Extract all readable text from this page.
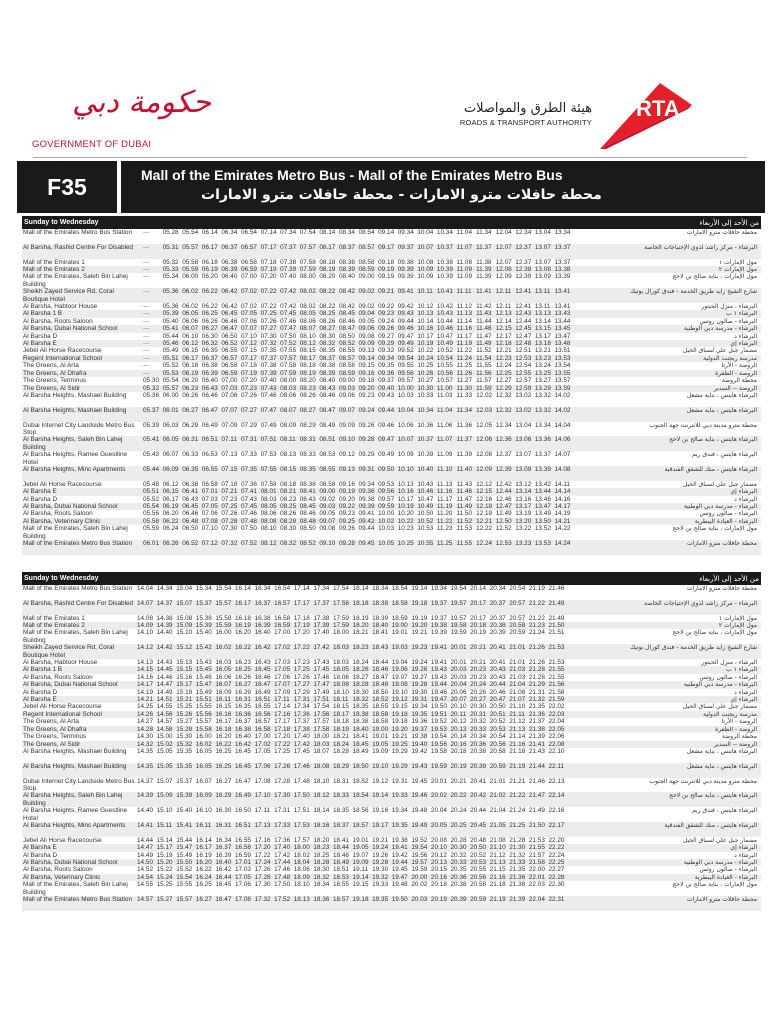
حكومة دبي
GOVERNMENT OF DUBAI
هيئة الطرق والمواصلات
ROADS & TRANSPORT AUTHORITY
RTA
F35	Mall of the Emirates Metro Bus - Mall of the Emirates Metro Bus
محطة حافلات مترو الامارات - محطة حافلات مترو الامارات
Sunday to Wednesday	من الأحد إلى الأربعاء
Mall of the Emirates Metro Bus Station	—	05.28 05.54 06.14 06.34 06.54 07.14 07.34 07.54 08.14 08.34 08.54 09.14 09.34 10.04 10.34 11.04 11.34 12.04 12.34 13.04 13.34	محطة حافلات مترو الامارات
Al Barsha, Rashid Centre For Disabled	—	05.31 05.57 06.17 06.37 06.57 07.17 07.37 07.57 08.17 08.37 08.57 09.17 09.37 10.07 10.37 11.07 11.37 12.07 12.37 13.07 13.37	البرشاء - مركز راشد لذوي الإحتياجات الخاصة
Mall of the Emirates 1	—	05.32 05.58 06.18 06.38 06.58 07.18 07.38 07.58 08.18 08.38 08.58 09.18 09.38 10.08 10.38 11.08 11.38 12.07 12.37 13.07 13.37	مول الإمارات ١
Mall of the Emirates 2	—	05.33 05.59 06.19 06.39 06.59 07.19 07.39 07.59 08.19 08.39 08.59 09.19 09.39 10.09 10.39 11.09 11.39 12.08 12.38 13.08 13.38	مول الإمارات ٢
Mall of the Emirates, Saleh Bin Lahej Building
—	05.34 06.00 06.20 06.40 07.00 07.20 07.40 08.00 08.20 08.40 09.00 09.19 09.39 10.09 10.39 11.09 11.39 12.09 12.39 13.09 13.39	مول الإمارات ، بناية صالح بن لاحج
Sheikh Zayed Service Rd, Coral Boutique Hotel
—	05.36 06.02 06.22 06.42 07.02 07.22 07.42 08.02 08.22 08.42 09.02 09.21 09.41 10.11 10.41 11.11 11.41 12.11 12.41 13.11 13.41	شارع الشيخ زايد طريق الخدمة - فندق كورال بوتيك
Al Barsha, Habtoor House	—	05.36 06.02 06.22 06.42 07.02 07.22 07.42 08.02 08.22 08.42 09.02 09.22 09.42 10.12 10.42 11.12 11.42 12.11 12.41 13.11 13.41	البرشاء ، منزل الحبتور
Al Barsha 1 B	—	05.39 06.05 06.25 06.45 07.05 07.25 07.45 08.05 08.25 08.45 09.04 09.23 09.43 10.13 10.43 11.13 11.43 12.13 12.43 13.13 13.43	البرشاء ١ ب
Al Barsha, Roots Saloon	—	05.40 06.06 06.26 06.46 07.06 07.26 07.46 08.06 08.26 08.46 09.05 09.24 09.44 10.14 10.44 11.14 11.44 12.14 12.44 13.14 13.44	البرشاء - صالون روتس
Al Barsha, Dubai National School	—	05.41 06.07 06.27 06.47 07.07 07.27 07.47 08.07 08.27 08.47 09.06 09.26 09.46 10.16 10.46 11.16 11.46 12.15 12.45 13.15 13.45	البرشاء - مدرسة دبي الوطنية
Al Barsha D	—	05.44 06.10 06.30 06.50 07.10 07.30 07.50 08.10 08.30 08.50 09.08 09.27 09.47 10.17 10.47 11.17 11.47 12.17 12.47 13.17 13.47	البرشاء د
Al Barsha E	—	05.46 06.12 06.32 06.52 07.12 07.32 07.52 08.12 08.32 08.52 09.09 09.29 09.49 10.19 10.49 11.19 11.49 12.18 12.48 13.18 13.48	البرشاء إي
Jebel Ali Horse Racecourse	—	05.49 06.15 06.35 06.55 07.15 07.35 07.55 08.15 08.35 08.55 09.13 09.32 09.52 10.22 10.52 11.22 11.52 12.21 12.51 13.21 13.51	مضمار جبل علي لسباق الخيل
Regent International School	—	05.51 06.17 06.37 06.57 07.17 07.37 07.57 08.17 08.37 08.57 09.14 09.34 09.54 10.24 10.54 11.24 11.54 12.23 12.53 13.23 13.53	مدرسة ريجنت الدولية
The Greens, Al Arta	—	05.52 06.18 06.38 06.58 07.18 07.38 07.58 08.18 08.38 08.58 09.15 09.35 09.55 10.25 10.55 11.25 11.55 12.24 12.54 13.24 13.54	الروضة - الأرتا
The Greens, Al Dhafra	—	05.53 06.19 06.39 06.59 07.19 07.39 07.59 08.19 08.39 08.59 09.16 09.36 09.56 10.26 10.56 11.26 11.56 12.25 12.55 13.25 13.55	الروضة - الظفرة
The Greens, Terminus	05.30 05.54 06.20 06.40 07.00 07.20 07.40 08.00 08.20 08.40 09.00 09.18 09.37 09.57 10.27 10.57 11.27 11.57 12.27 12.57 13.27 13.57	محطة الروضة
The Greens, Al Sidir	05.32 05.57 06.23 06.43 07.03 07.23 07.43 08.03 08.23 08.43 09.03 09.20 09.40 10.00 10.30 11.00 11.30 11.59 12.29 12.59 13.29 13.59	الروضة -- السدير
Al Barsha Heights, Mashael Building	05.36 06.00 06.26 06.46 07.06 07.26 07.46 08.06 08.26 08.46 09.06 09.23 09.43 10.03 10.33 11.03 11.33 12.02 12.32 13.02 13.32 14.02	البرشاء هايتس ، بناية مشعل
Al Barsha Heights, Mashael Building	05.37 06.01 06.27 06.47 07.07 07.27 07.47 08.07 08.27 08.47 09.07 09.24 09.44 10.04 10.34 11.04 11.34 12.03 12.32 13.02 13.32 14.02	البرشاء هايتس ، بناية مشعل
Dubai Internet City Landside Metro Bus Stop
05.39 06.03 06.29 06.49 07.09 07.29 07.49 08.09 08.29 08.49 09.09 09.26 09.46 10.06 10.36 11.06 11.36 12.05 12.34 13.04 13.34 14.04	محطة مترو مدينة دبي للانترنت جهة الجنوب
Al Barsha Heights, Saleh Bin Lahej Building
05.41 06.05 06.31 06.51 07.11 07.31 07.51 08.11 08.31 08.51 09.10 09.28 09.47 10.07 10.37 11.07 11.37 12.06 12.36 13.06 13.36 14.06	البرشاء هايتس ، بناية صالح بن لاحج
Al Barsha Heights, Ramee Guestline Hotel
05.43 06.07 06.33 06.53 07.13 07.33 07.53 08.13 08.33 08.53 09.12 09.29 09.49 10.09 10.39 11.09 11.39 12.08 12.37 13.07 13.37 14.07	البرشاء هايتس ، فندق ريم
Al Barsha Heights, Minc Apartments	05.44 06.09 06.35 06.55 07.15 07.35 07.55 08.15 08.35 08.55 09.13 09.31 09.50 10.10 10.40 11.10 11.40 12.09 12.39 13.09 13.39 14.08	البرشاء هايتس ، منك للشقق الفندقية
Jebel Ali Horse Racecourse	05.48 06.12 06.38 06.58 07.18 07.38 07.58 08.18 08.38 08.58 09.16 09.34 09.53 10.13 10.43 11.13 11.43 12.12 12.42 13.12 13.42 14.11	مضمار جبل علي لسباق الخيل
Al Barsha E	05.51 06.15 06.41 07.01 07.21 07.41 08.01 08.21 08.41 09.00 09.19 09.36 09.56 10.16 10.46 11.16 11.46 12.15 12.44 13.14 13.44 14.14	البرشاء إي
Al Barsha D	05.52 06.17 06.43 07.03 07.23 07.43 08.03 08.23 08.43 09.02 09.20 09.38 09.57 10.17 10.47 11.17 11.47 12.16 12.46 13.16 13.46 14.16	البرشاء د
Al Barsha, Dubai National School	05.54 06.19 06.45 07.05 07.25 07.45 08.05 08.25 08.45 09.03 09.22 09.39 09.59 10.19 10.49 11.19 11.49 12.18 12.47 13.17 13.47 14.17	البرشاء - مدرسة دبي الوطنية
Al Barsha, Roots Saloon	05.56 06.20 06.46 07.06 07.26 07.46 08.06 08.26 08.46 09.05 09.23 09.41 10.00 10.20 10.50 11.20 11.50 12.19 12.49 13.19 13.49 14.19	البرشاء - صالون روتس
Al Barsha, Veterinary Clinic	05.58 06.22 06.48 07.08 07.28 07.48 08.08 08.28 08.48 09.07 09.25 09.42 10.02 10.22 10.52 11.22 11.52 12.21 12.50 13.20 13.50 14.21	البرشاء - العيادة البيطرية
Mall of the Emirates, Saleh Bin Lahej Building
05.59 06.24 06.50 07.10 07.30 07.50 08.10 08.30 08.50 09.08 09.26 09.44 10.03 10.23 10.53 11.23 11.53 12.22 12.52 13.22 13.52 14.22	مول الإمارات ، بناية صالح بن لاحج
Mall of the Emirates Metro Bus Station	06.01 06.26 06.52 07.12 07.32 07.52 08.12 08.32 08.52 09.10 09.28 09.45 10.05 10.25 10.55 11.25 11.55 12.24 12.53 13.23 13.53 14.24	محطة حافلات مترو الامارات
Sunday to Wednesday	من الأحد إلى الأربعاء
Mall of the Emirates Metro Bus Station 14.04 14.34 15.04 15.34 15.54 16.14 16.34 16.54 17.14 17.34 17.54 18.14 18.34 18.54 19.14 19.34 19.54 20.14 20.34 20.54 21.19 21.46	محطة حافلات مترو الامارات
Al Barsha, Rashid Centre For Disabled 14.07 14.37 15.07 15.37 15.57 16.17 16.37 16.57 17.17 17.37 17.58 18.18 18.38 18.58 19.18 19.37 19.57 20.17 20.37 20.57 21.22 21.49	البرشاء - مركز راشد لذوي الإحتياجات الخاصة
Mall of the Emirates 1	14.08 14.38 15.08 15.38 15.58 16.18 16.38 16.58 17.18 17.38 17.59 18.19 18.39 18.59 19.19 19.37 19.57 20.17 20.37 20.57 21.22 21.49	مول الإمارات ١
Mall of the Emirates 2	14.09 14.39 15.09 15.39 15.59 16.19 16.39 16.59 17.19 17.39 17.59 18.20 18.40 19.00 19.20 19.38 19.58 20.18 20.38 20.58 21.23 21.50	مول الإمارات ٢
Mall of the Emirates, Saleh Bin Lahej Building
14.10 14.40 15.10 15.40 16.00 16.20 16.40 17.00 17.20 17.40 18.00 18.21 18.41 19.01 19.21 19.39 19.59 20.19 20.39 20.59 21.24 21.51	مول الإمارات ، بناية صالح بن لاحج
Sheikh Zayed Service Rd, Coral Boutique Hotel
14.12 14.42 15.12 15.42 16.02 16.22 16.42 17.02 17.22 17.42 18.03 18.23 18.43 19.03 19.23 19.41 20.01 20.21 20.41 21.01 21.26 21.53	شارع الشيخ زايد طريق الخدمة - فندق كورال بوتيك
Al Barsha, Habtoor House	14.13 14.43 15.13 15.43 16.03 16.23 16.43 17.03 17.23 17.43 18.03 18.24 18.44 19.04 19.24 19.41 20.01 20.21 20.41 21.01 21.26 21.53	البرشاء ، منزل الحبتور
Al Barsha 1 B	14.15 14.45 15.15 15.45 16.05 16.25 16.45 17.05 17.25 17.45 18.05 18.26 18.46 19.06 19.26 19.43 20.03 20.23 20.43 21.03 21.28 21.55	البرشاء ١ ب
Al Barsha, Roots Saloon	14.16 14.46 15.16 15.46 16.06 16.26 16.46 17.06 17.26 17.46 18.06 18.27 18.47 19.07 19.27 19.43 20.03 20.23 20.43 21.03 21.28 21.55	البرشاء - صالون روتس
Al Barsha, Dubai National School	14.17 14.47 15.17 15.47 16.07 16.27 16.47 17.07 17.27 17.47 18.08 18.28 18.48 19.08 19.28 19.44 20.04 20.24 20.44 21.04 21.29 21.56	البرشاء - مدرسة دبي الوطنية
Al Barsha D	14.19 14.49 15.19 15.49 16.09 16.29 16.49 17.09 17.29 17.49 18.10 18.30 18.50 19.10 19.30 19.46 20.06 20.26 20.46 21.06 21.31 21.58	البرشاء د
Al Barsha E	14.21 14.51 15.21 15.51 16.11 16.31 16.51 17.11 17.31 17.51 18.11 18.32 18.52 19.12 19.31 19.47 20.07 20.27 20.47 21.07 21.32 21.59	البرشاء إي
Jebel Ali Horse Racecourse	14.25 14.55 15.25 15.55 16.15 16.35 16.55 17.14 17.34 17.54 18.15 18.35 18.55 19.15 19.34 19.50 20.10 20.30 20.50 21.10 21.35 22.02	مضمار جبل علي لسباق الخيل
Regent International School	14.26 14.56 15.26 15.56 16.16 16.36 16.56 17.16 17.36 17.56 18.17 18.38 18.58 19.18 19.35 19.51 20.11 20.31 20.51 21.11 21.36 22.03	مدرسة ريجنت الدولية
The Greens, Al Arta	14.27 14.57 15.27 15.57 16.17 16.37 16.57 17.17 17.37 17.57 18.18 18.38 18.58 19.18 19.36 19.52 20.12 20.32 20.52 21.12 21.37 22.04	الروضة - الأرتا
The Greens, Al Dhafra	14.28 14.58 15.28 15.58 16.18 16.38 16.58 17.18 17.38 17.58 18.19 18.40 19.00 19.20 19.37 19.53 20.13 20.33 20.53 21.13 21.38 22.05	الروضة - الظفرة
The Greens, Terminus	14.30 15.00 15.30 16.00 16.20 16.40 17.00 17.20 17.40 18.00 18.21 18.41 19.01 19.21 19.38 19.54 20.14 20.34 20.54 21.14 21.39 22.06	محطة الروضة
The Greens, Al Sidir	14.32 15.02 15.32 16.02 16.22 16.42 17.02 17.22 17.42 18.03 18.24 18.45 19.05 19.25 19.40 19.56 20.16 20.36 20.56 21.16 21.41 22.08	الروضة -- السدير
Al Barsha Heights, Mashael Building	14.35 15.05 15.35 16.05 16.25 16.45 17.05 17.25 17.45 18.07 18.28 18.49 19.09 19.29 19.42 19.58 20.18 20.38 20.58 21.18 21.43 22.10	البرشاء هايتس ، بناية مشعل
Al Barsha Heights, Mashael Building	14.35 15.05 15.35 16.05 16.25 16.45 17.06 17.26 17.46 18.08 18.29 18.50 19.10 19.29 19.43 19.59 20.19 20.39 20.59 21.19 21.44 22.11	البرشاء هايتس ، بناية مشعل
Dubai Internet City Landside Metro Bus Stop
14.37 15.07 15.37 16.07 16.27 16.47 17.08 17.28 17.48 18.10 18.31 18.52 19.12 19.31 19.45 20.01 20.21 20.41 21.01 21.21 21.46 22.13	محطة مترو مدينة دبي للانترنت جهة الجنوب
Al Barsha Heights, Saleh Bin Lahej Building
14.39 15.09 15.39 16.09 16.29 16.49 17.10 17.30 17.50 18.12 18.33 18.54 19.14 19.33 19.46 20.02 20.22 20.42 21.02 21.22 21.47 22.14	البرشاء هايتس ، بناية صالح بن لاحج
Al Barsha Heights, Ramee Guestline Hotel
14.40 15.10 15.40 16.10 16.30 16.50 17.11 17.31 17.51 18.14 18.35 18.56 19.16 19.34 19.48 20.04 20.24 20.44 21.04 21.24 21.49 22.16	البرشاء هايتس ، فندق ريم
Al Barsha Heights, Minc Apartments	14.41 15.11 15.41 16.11 16.31 16.51 17.13 17.33 17.53 18.16 18.37 18.57 19.17 19.35 19.49 20.05 20.25 20.45 21.05 21.25 21.50 22.17	البرشاء هايتس ، منك للشقق الفندقية
Jebel Ali Horse Racecourse	14.44 15.14 15.44 16.14 16.34 16.55 17.16 17.36 17.57 18.20 18.41 19.01 19.21 19.38 19.52 20.08 20.28 20.48 21.08 21.28 21.53 22.20	مضمار جبل علي لسباق الخيل
Al Barsha E	14.47 15.17 15.47 16.17 16.37 16.58 17.20 17.40 18.00 18.23 18.44 19.05 19.24 19.41 19.54 20.10 20.30 20.50 21.10 21.30 21.55 22.22	البرشاء إي
Al Barsha D	14.49 15.19 15.49 16.19 16.39 16.59 17.22 17.42 18.02 18.25 18.46 19.07 19.26 19.42 19.56 20.12 20.32 20.52 21.12 21.32 21.57 22.24	البرشاء د
Al Barsha, Dubai National School	14.50 15.20 15.50 16.20 16.40 17.01 17.24 17.44 18.04 18.28 18.49 19.09 19.28 19.44 19.57 20.13 20.33 20.53 21.13 21.33 21.58 22.25	البرشاء - مدرسة دبي الوطنية
Al Barsha, Roots Saloon	14.52 15.22 15.52 16.22 16.42 17.03 17.26 17.46 18.06 18.30 18.51 19.11 19.30 19.45 19.59 20.15 20.35 20.55 21.15 21.35 22.00 22.27	البرشاء - صالون روتس
Al Barsha, Veterinary Clinic	14.54 15.24 15.54 16.24 16.44 17.05 17.28 17.48 18.09 18.32 18.53 19.14 19.32 19.47 20.00 20.16 20.36 20.56 21.16 21.36 22.01 22.28	البرشاء - العيادة البيطرية
Mall of the Emirates, Saleh Bin Lahej Building
14.55 15.25 15.55 16.25 16.45 17.06 17.30 17.50 18.10 18.34 18.55 19.15 19.33 19.48 20.02 20.18 20.38 20.58 21.18 21.38 22.03 22.30	مول الإمارات ، بناية صالح بن لاحج
Mall of the Emirates Metro Bus Station 14.57 15.27 15.57 16.27 16.47 17.08 17.32 17.52 18.13 18.36 18.57 19.18 19.35 19.50 20.03 20.19 20.39 20.59 21.19 21.39 22.04 22.31	محطة حافلات مترو الامارات
